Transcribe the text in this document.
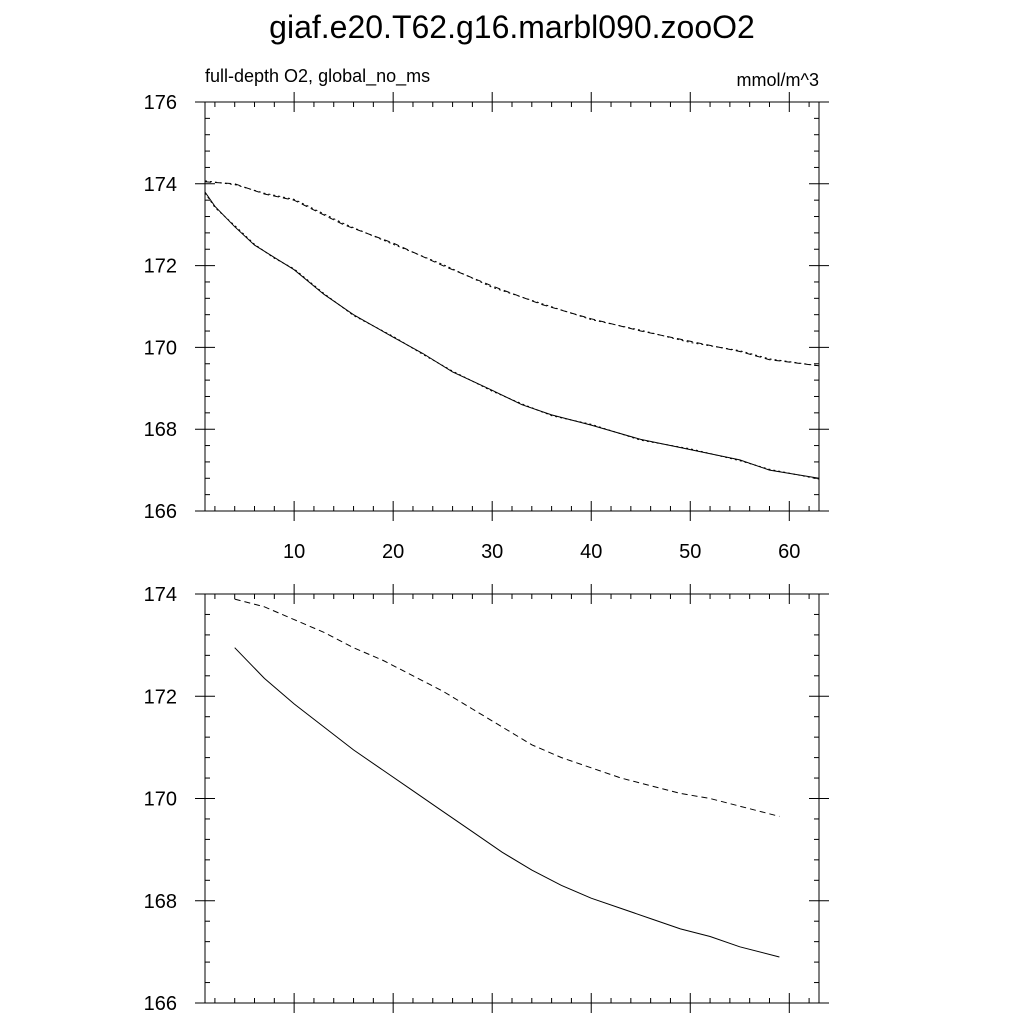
giaf.e20.T62.g16.marbl090.zooO2
full-depth O2, global_no_ms	mmol/m^3
10	20	30	40	50	60
166
168
170
172
174
176
166
168
170
172
174
